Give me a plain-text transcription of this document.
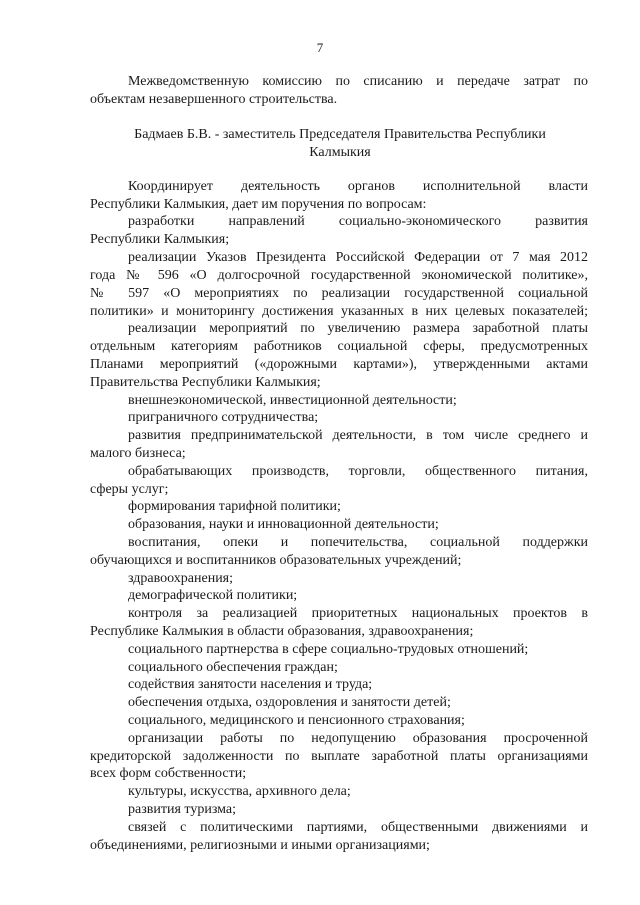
7
Межведомственную комиссию по списанию и передаче затрат по
объектам незавершенного строительства.
Бадмаев Б.В. - заместитель Председателя Правительства Республики
Калмыкия
Координирует деятельность органов исполнительной власти
Республики Калмыкия, дает им поручения по вопросам:
разработки направлений социально-экономического развития
Республики Калмыкия;
реализации Указов Президента Российской Федерации от 7 мая 2012
года № 596 «О долгосрочной государственной экономической политике»,
№ 597 «О мероприятиях по реализации государственной социальной
политики» и мониторингу достижения указанных в них целевых показателей;
реализации мероприятий по увеличению размера заработной платы
отдельным категориям работников социальной сферы, предусмотренных
Планами мероприятий («дорожными картами»), утвержденными актами
Правительства Республики Калмыкия;
внешнеэкономической, инвестиционной деятельности;
приграничного сотрудничества;
развития предпринимательской деятельности, в том числе среднего и
малого бизнеса;
обрабатывающих производств, торговли, общественного питания,
сферы услуг;
формирования тарифной политики;
образования, науки и инновационной деятельности;
воспитания, опеки и попечительства, социальной поддержки
обучающихся и воспитанников образовательных учреждений;
здравоохранения;
демографической политики;
контроля за реализацией приоритетных национальных проектов в
Республике Калмыкия в области образования, здравоохранения;
социального партнерства в сфере социально-трудовых отношений;
социального обеспечения граждан;
содействия занятости населения и труда;
обеспечения отдыха, оздоровления и занятости детей;
социального, медицинского и пенсионного страхования;
организации работы по недопущению образования просроченной
кредиторской задолженности по выплате заработной платы организациями
всех форм собственности;
культуры, искусства, архивного дела;
развития туризма;
связей с политическими партиями, общественными движениями и
объединениями, религиозными и иными организациями;
